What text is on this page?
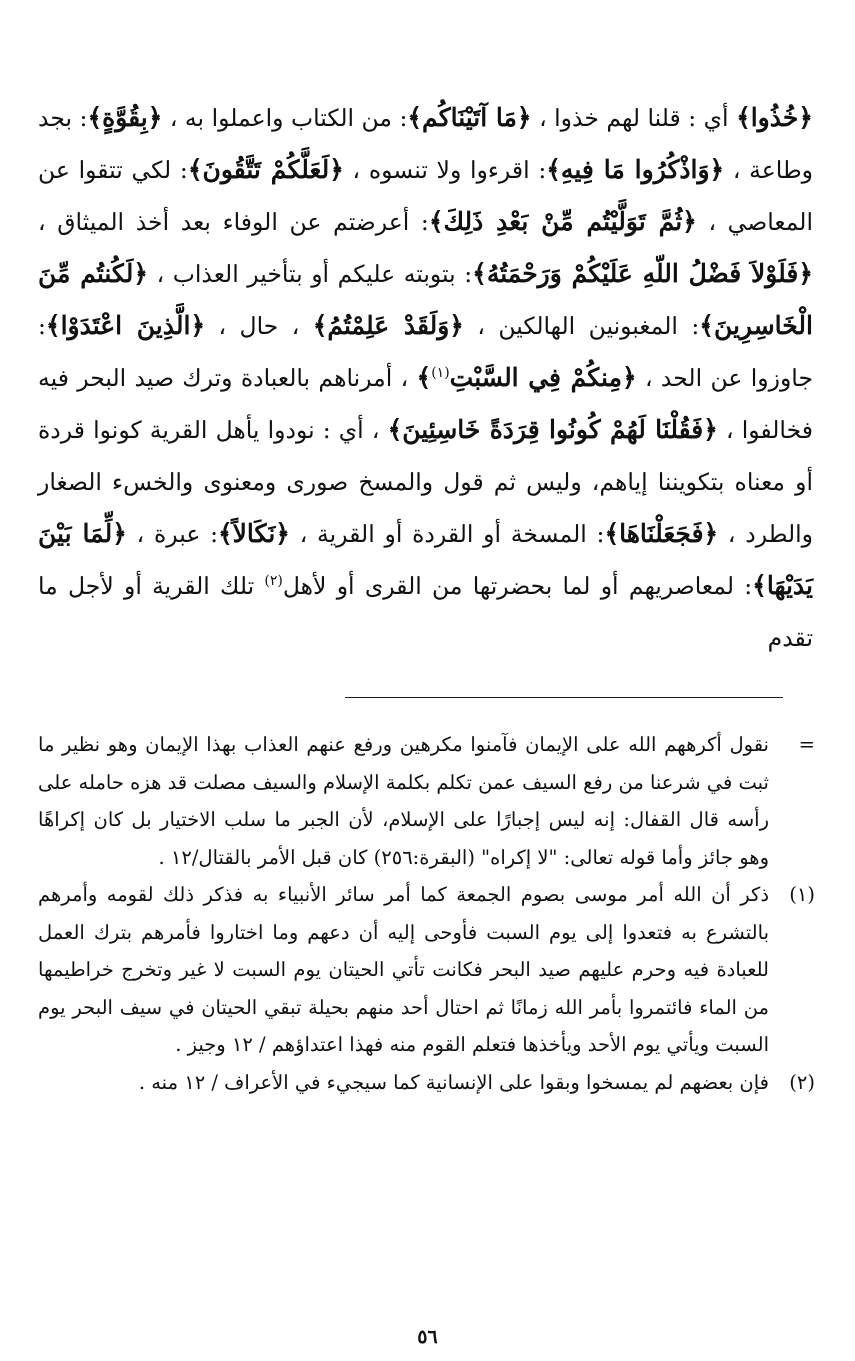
﴿خُذُوا﴾ أي : قلنا لهم خذوا ، ﴿مَا آتَيْنَاكُم﴾: من الكتاب واعملوا به ، ﴿بِقُوَّةٍ﴾: بجد وطاعة ، ﴿وَاذْكُرُوا مَا فِيهِ﴾: اقرءوا ولا تنسوه ، ﴿لَعَلَّكُمْ تَتَّقُونَ﴾: لكي تتقوا عن المعاصي ، ﴿ثُمَّ تَوَلَّيْتُم مِّنْ بَعْدِ ذَلِكَ﴾: أعرضتم عن الوفاء بعد أخذ الميثاق ، ﴿فَلَوْلاَ فَضْلُ اللّهِ عَلَيْكُمْ وَرَحْمَتُهُ﴾: بتوبته عليكم أو بتأخير العذاب ، ﴿لَكُنتُم مِّنَ الْخَاسِرِينَ﴾: المغبونين الهالكين ، ﴿وَلَقَدْ عَلِمْتُمُ﴾ ، حال ، ﴿الَّذِينَ اعْتَدَوْا﴾: جاوزوا عن الحد ، ﴿مِنكُمْ فِي السَّبْتِ$^{(١)}$﴾ ، أمرناهم بالعبادة وترك صيد البحر فيه فخالفوا ، ﴿فَقُلْنَا لَهُمْ كُونُوا قِرَدَةً خَاسِئِينَ﴾ ، أي : نودوا يأهل القرية كونوا قردة أو معناه بتكويننا إياهم، وليس ثم قول والمسخ صورى ومعنوى والخسء الصغار والطرد ، ﴿فَجَعَلْنَاهَا﴾: المسخة أو القردة أو القرية ، ﴿نَكَالاً﴾: عبرة ، ﴿لِّمَا بَيْنَ يَدَيْهَا﴾: لمعاصريهم أو لما بحضرتها من القرى أو لأهل$^{(٢)}$ تلك القرية أو لأجل ما تقدم
=
نقول أكرههم الله على الإيمان فآمنوا مكرهين ورفع عنهم العذاب بهذا الإيمان وهو نظير ما ثبت في شرعنا من رفع السيف عمن تكلم بكلمة الإسلام والسيف مصلت قد هزه حامله على رأسه قال القفال: إنه ليس إجبارًا على الإسلام، لأن الجبر ما سلب الاختيار بل كان إكراهًا وهو جائز وأما قوله تعالى: "لا إكراه" (البقرة:٢٥٦) كان قبل الأمر بالقتال/١٢ .
(١)
ذكر أن الله أمر موسى بصوم الجمعة كما أمر سائر الأنبياء به فذكر ذلك لقومه وأمرهم بالتشرع به فتعدوا إلى يوم السبت فأوحى إليه أن دعهم وما اختاروا فأمرهم بترك العمل للعبادة فيه وحرم عليهم صيد البحر فكانت تأتي الحيتان يوم السبت لا غير وتخرج خراطيمها من الماء فائتمروا بأمر الله زمانًا ثم احتال أحد منهم بحيلة تبقي الحيتان في سيف البحر يوم السبت ويأتي يوم الأحد ويأخذها فتعلم القوم منه فهذا اعتداؤهم / ١٢ وجيز .
(٢)
فإن بعضهم لم يمسخوا وبقوا على الإنسانية كما سيجيء في الأعراف / ١٢ منه .
٥٦
